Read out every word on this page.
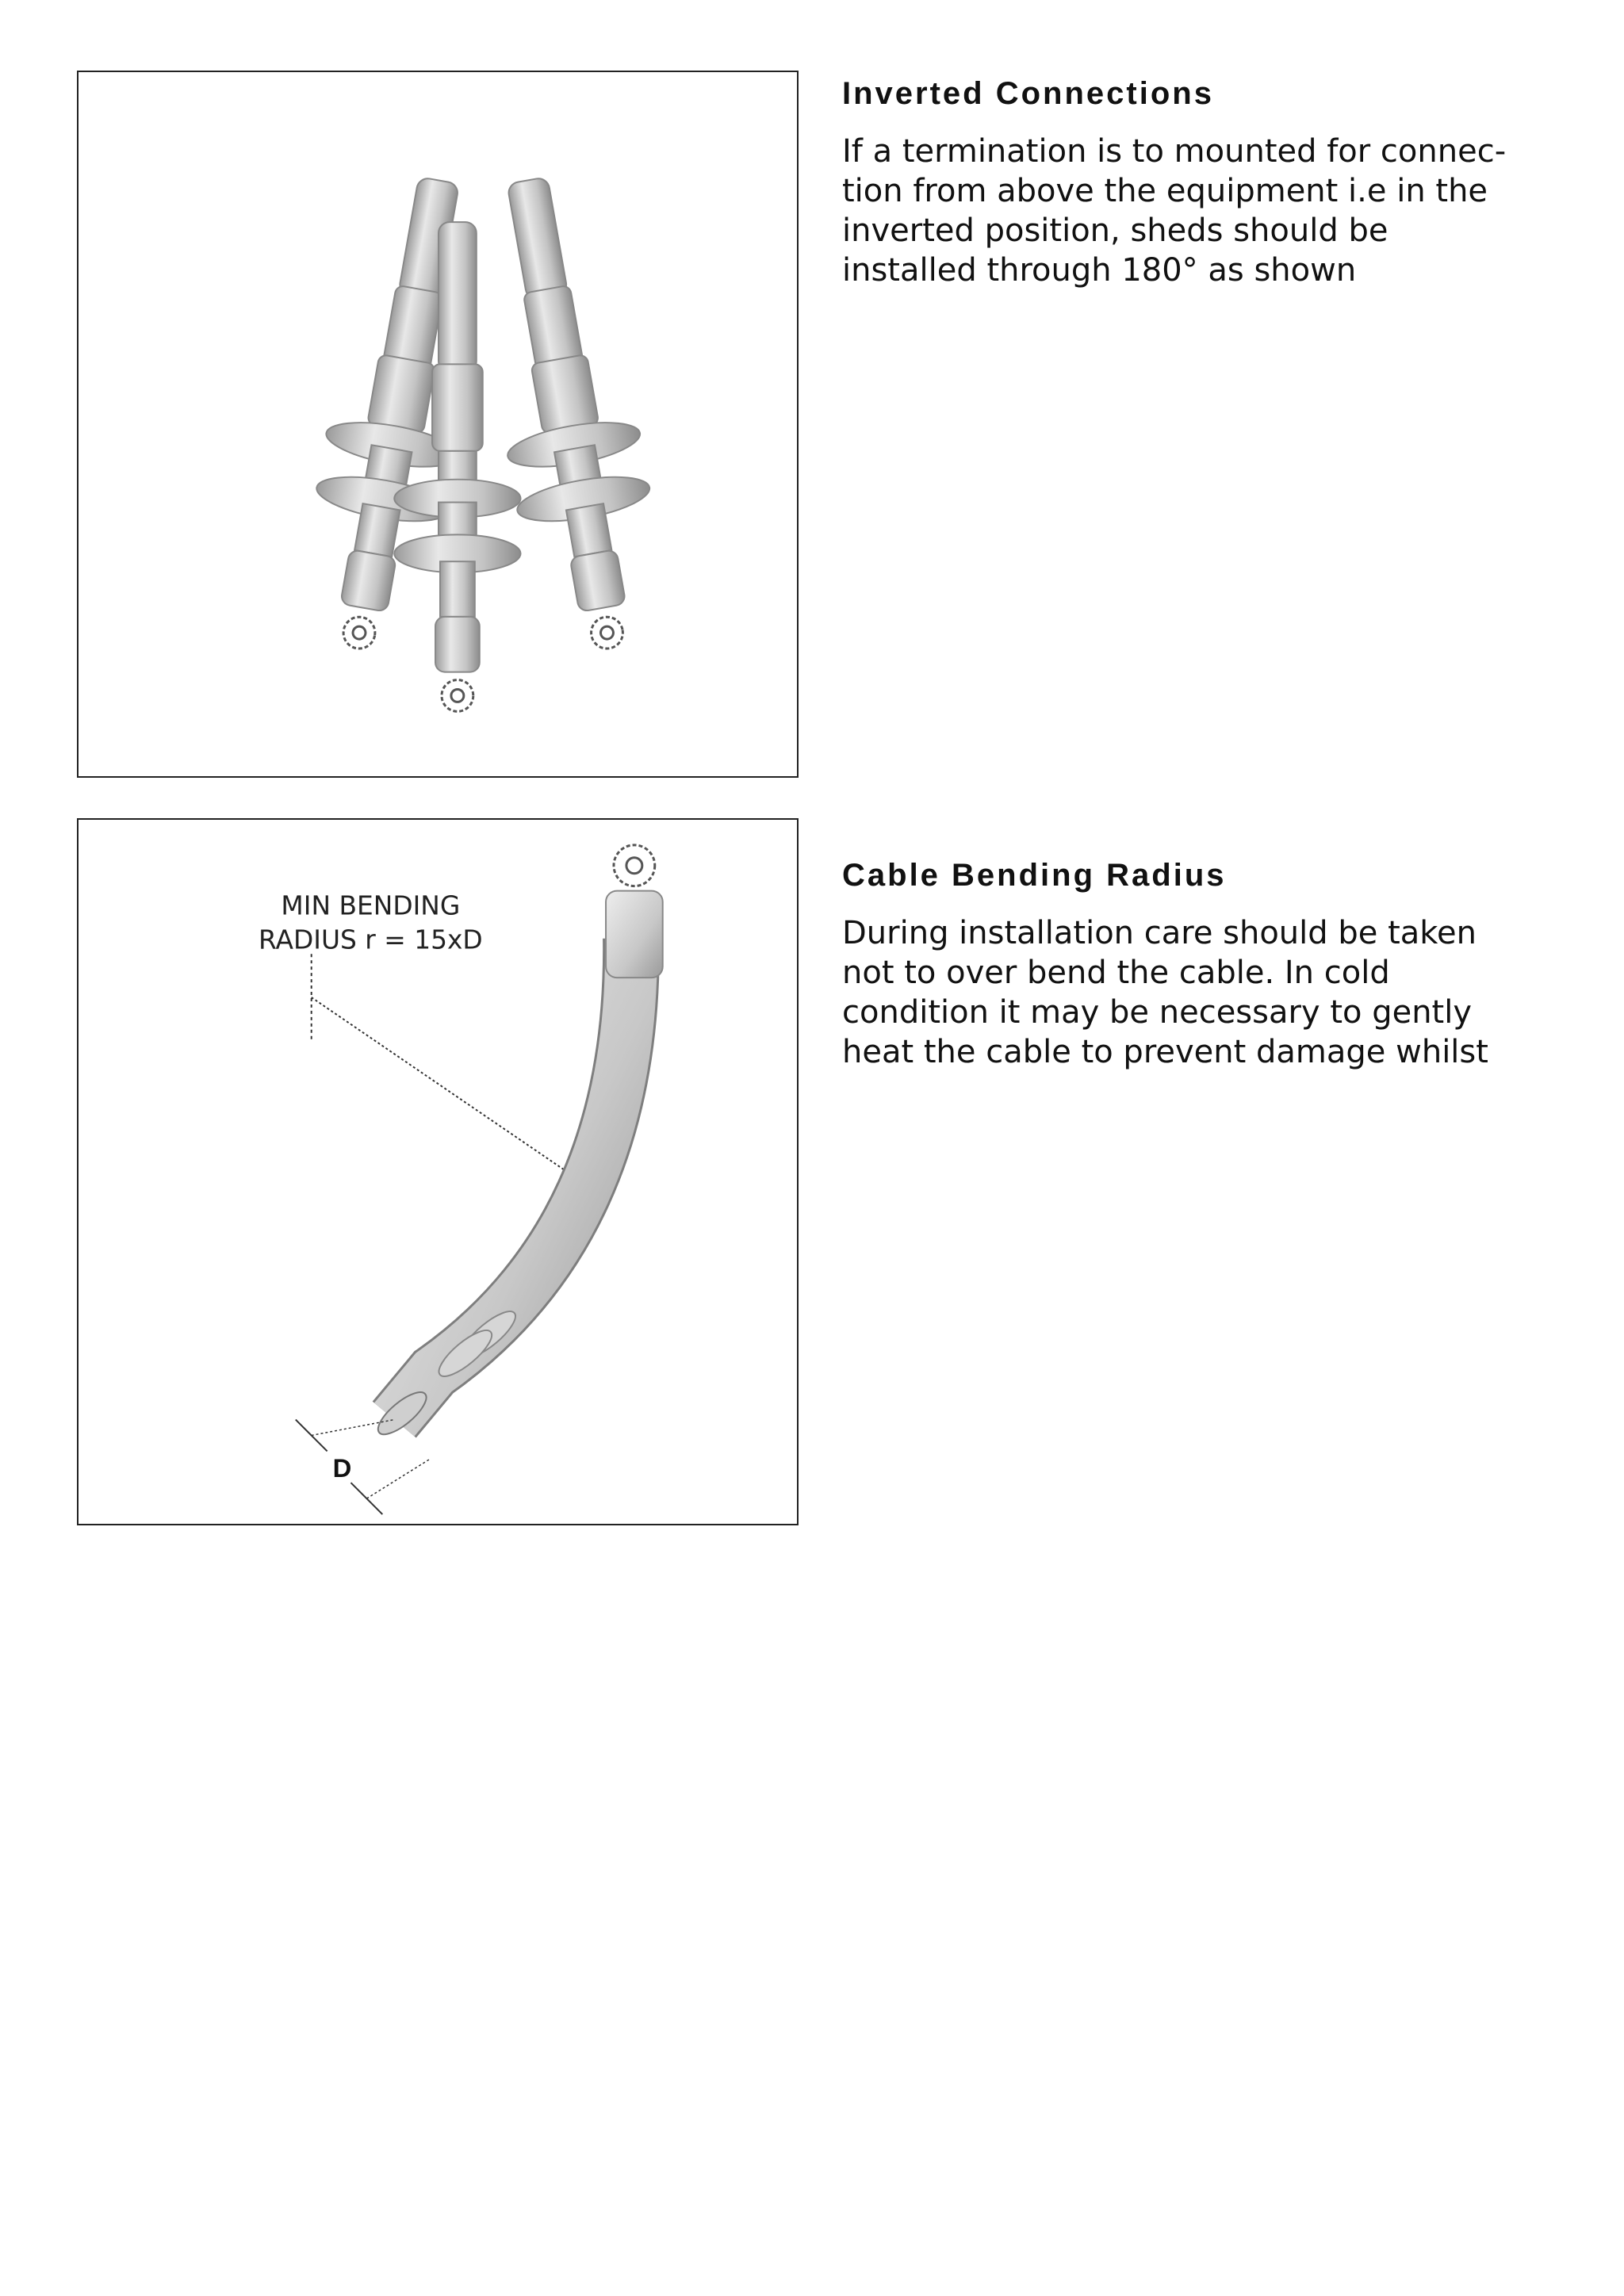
Inverted Connections

If a termination is to mounted for connec-
tion from above the equipment i.e in the
inverted position, sheds should be
installed through 180° as shown

MIN BENDING
RADIUS r = 15xD
D
Cable Bending Radius

During installation care should be taken
not to over bend the cable. In cold
condition it may be necessary to gently
heat the cable to prevent damage whilst
